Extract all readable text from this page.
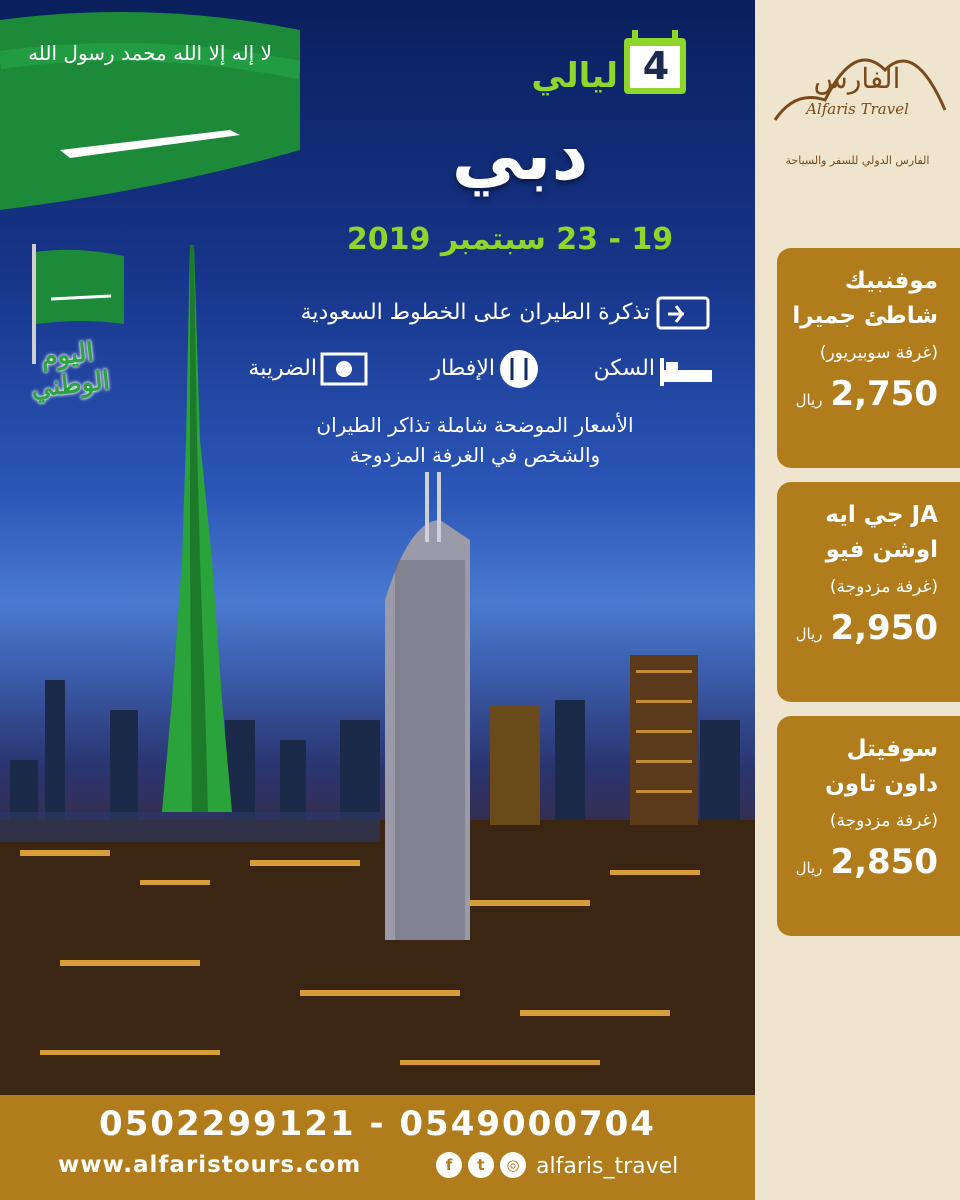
لا إله إلا الله محمد رسول الله
اليوم الوطني
4
ليالي
دبي
19 - 23 سبتمبر 2019
تذكرة الطيران على الخطوط السعودية
السكن
الإفطار
الضريبة
الأسعار الموضحة شاملة تذاكر الطيران
والشخص في الغرفة المزدوجة
الفارس
Alfaris Travel
الفارس الدولي للسفر والسياحة
موفنبيك
شاطئ جميرا
(غرفة سوبيريور)
2,750
ريال
JA جي ايه
اوشن فيو
(غرفة مزدوجة)
2,950
ريال
سوفيتل
داون تاون
(غرفة مزدوجة)
2,850
ريال
0502299121 - 0549000704
www.alfaristours.com	f	t	◎ alfaris_travel
